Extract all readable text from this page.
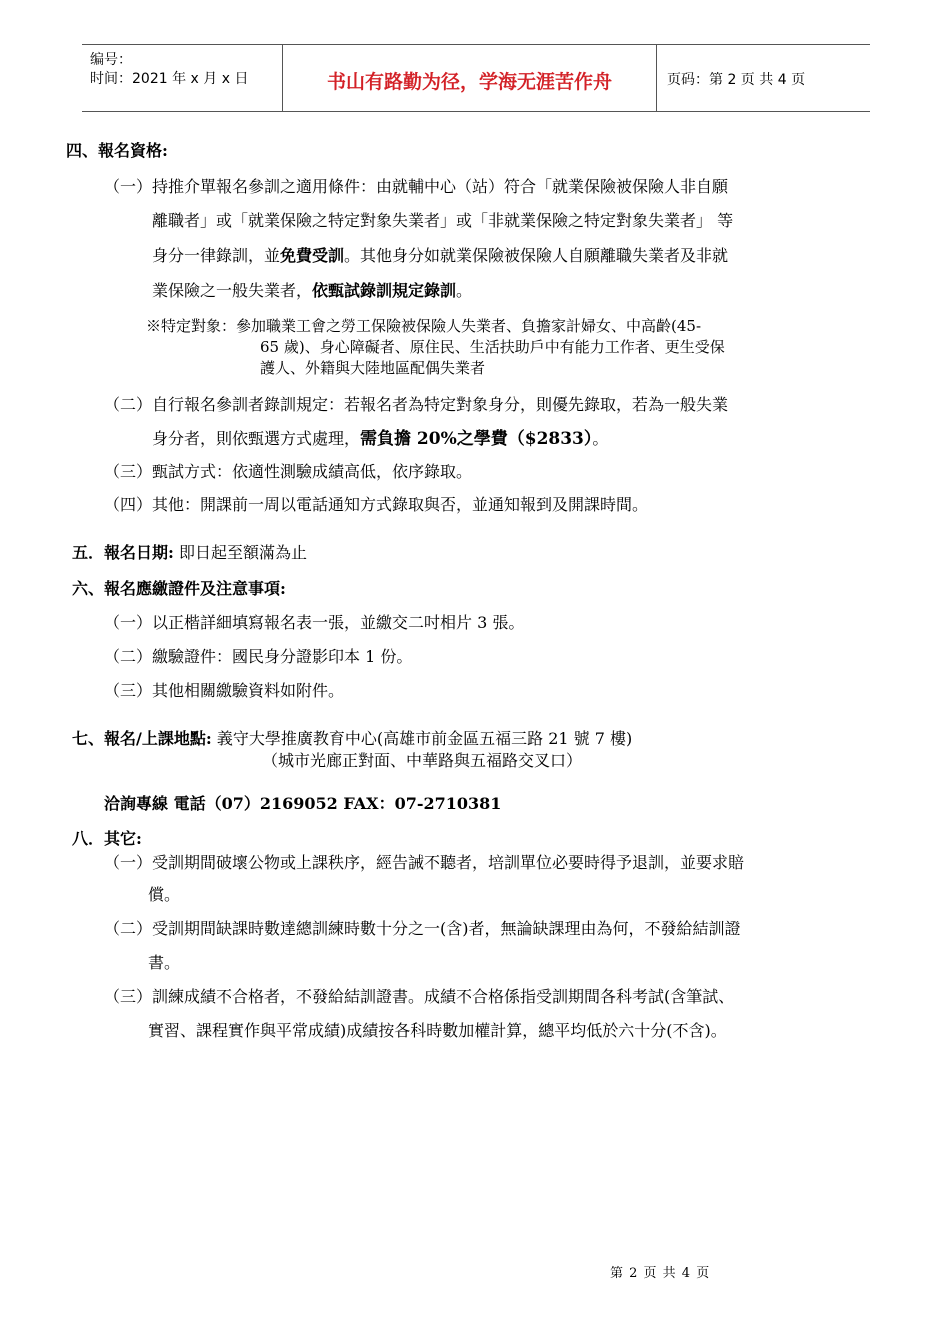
编号：
时间：2021 年 x 月 x 日	书山有路勤为径，学海无涯苦作舟	页码：第 2 页 共 4 页
四、報名資格:
（一）持推介單報名參訓之適用條件：由就輔中心（站）符合「就業保險被保險人非自願
離職者」或「就業保險之特定對象失業者」或「非就業保險之特定對象失業者」 等
身分一律錄訓，並免費受訓。其他身分如就業保險被保險人自願離職失業者及非就
業保險之一般失業者，依甄試錄訓規定錄訓。
※特定對象：參加職業工會之勞工保險被保險人失業者、負擔家計婦女、中高齡(45-
65 歲)、身心障礙者、原住民、生活扶助戶中有能力工作者、更生受保
護人、外籍與大陸地區配偶失業者
（二）自行報名參訓者錄訓規定：若報名者為特定對象身分，則優先錄取，若為一般失業
身分者，則依甄選方式處理，需負擔 20%之學費（$2833）。
（三）甄試方式：依適性測驗成績高低，依序錄取。
（四）其他：開課前一周以電話通知方式錄取與否，並通知報到及開課時間。
五．報名日期: 即日起至額滿為止
六、報名應繳證件及注意事項:
（一）以正楷詳細填寫報名表一張，並繳交二吋相片 3 張。
（二）繳驗證件：國民身分證影印本 1 份。
（三）其他相關繳驗資料如附件。
七、報名/上課地點: 義守大學推廣教育中心(高雄市前金區五福三路 21 號 7 樓)
（城市光廊正對面、中華路與五福路交叉口）
洽詢專線 電話（07）2169052 FAX：07-2710381
八．其它:
（一）受訓期間破壞公物或上課秩序，經告誡不聽者，培訓單位必要時得予退訓，並要求賠
償。
（二）受訓期間缺課時數達總訓練時數十分之一(含)者，無論缺課理由為何，不發給結訓證
書。
（三）訓練成績不合格者，不發給結訓證書。成績不合格係指受訓期間各科考試(含筆試、
實習、課程實作與平常成績)成績按各科時數加權計算，總平均低於六十分(不含)。
第 2 页 共 4 页
